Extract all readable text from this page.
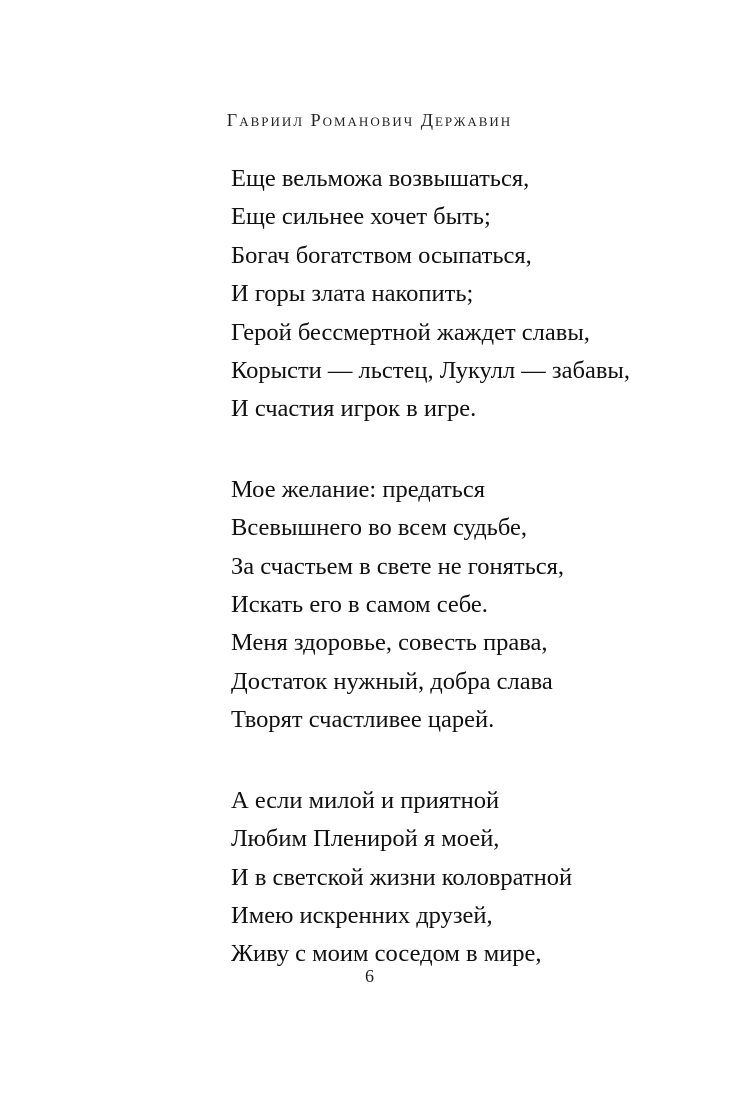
Гавриил Романович Державин
Еще вельможа возвышаться,
Еще сильнее хочет быть;
Богач богатством осыпаться,
И горы злата накопить;
Герой бессмертной жаждет славы,
Корысти — льстец, Лукулл — забавы,
И счастия игрок в игре.
Мое желание: предаться
Всевышнего во всем судьбе,
За счастьем в свете не гоняться,
Искать его в самом себе.
Меня здоровье, совесть права,
Достаток нужный, добра слава
Творят счастливее царей.
А если милой и приятной
Любим Пленирой я моей,
И в светской жизни коловратной
Имею искренних друзей,
Живу с моим соседом в мире,
6
